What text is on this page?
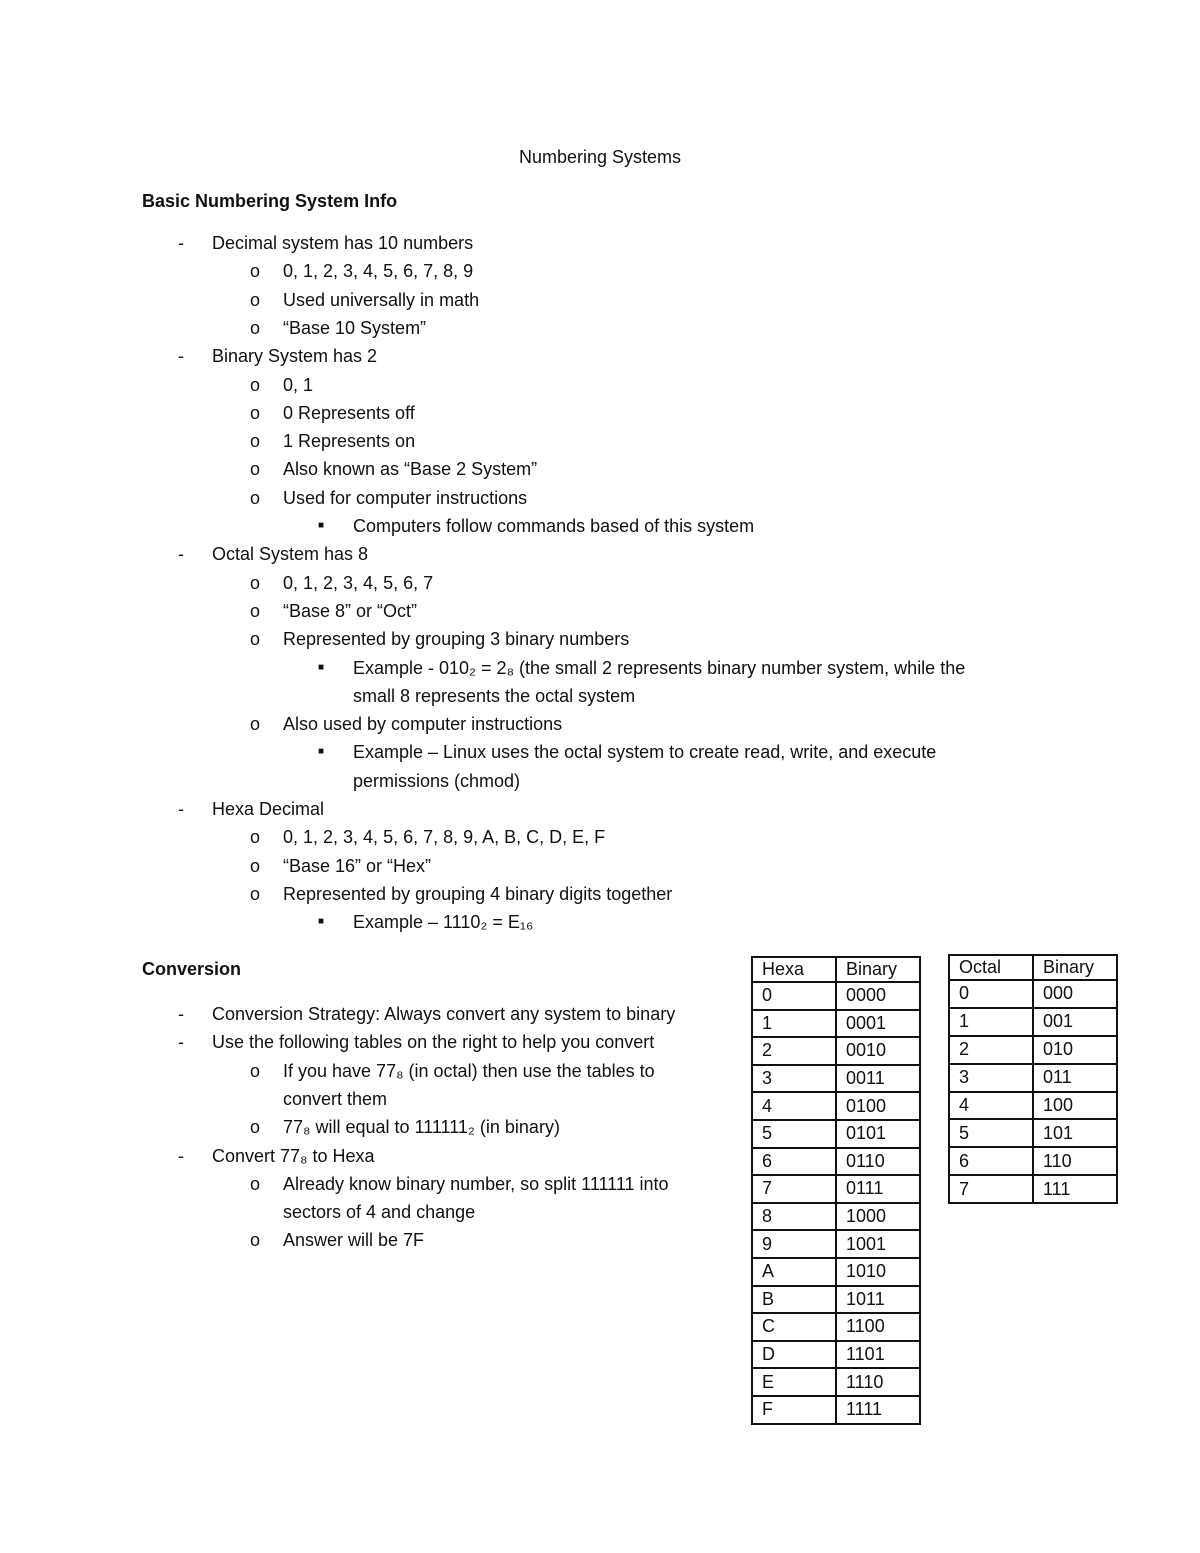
Numbering Systems
Basic Numbering System Info
- Decimal system has 10 numbers
o 0, 1, 2, 3, 4, 5, 6, 7, 8, 9
o Used universally in math
o “Base 10 System”
- Binary System has 2
o 0, 1
o 0 Represents off
o 1 Represents on
o Also known as “Base 2 System”
o Used for computer instructions
■ Computers follow commands based of this system
- Octal System has 8
o 0, 1, 2, 3, 4, 5, 6, 7
o “Base 8” or “Oct”
o Represented by grouping 3 binary numbers
■ Example - 010₂ = 2₈ (the small 2 represents binary number system, while the
small 8 represents the octal system
o Also used by computer instructions
■ Example – Linux uses the octal system to create read, write, and execute
permissions (chmod)
- Hexa Decimal
o 0, 1, 2, 3, 4, 5, 6, 7, 8, 9, A, B, C, D, E, F
o “Base 16” or “Hex”
o Represented by grouping 4 binary digits together
■ Example – 1110₂ = E₁₆
Conversion
- Conversion Strategy: Always convert any system to binary
- Use the following tables on the right to help you convert
o If you have 77₈ (in octal) then use the tables to
convert them
o 77₈ will equal to 111111₂ (in binary)
- Convert 77₈ to Hexa
o Already know binary number, so split 111111 into
sectors of 4 and change
o Answer will be 7F
Hexa	Binary
0	0000
1	0001
2	0010
3	0011
4	0100
5	0101
6	0110
7	0111
8	1000
9	1001
A	1010
B	1011
C	1100
D	1101
E	1110
F	1111
Octal	Binary
0	000
1	001
2	010
3	011
4	100
5	101
6	110
7	111
